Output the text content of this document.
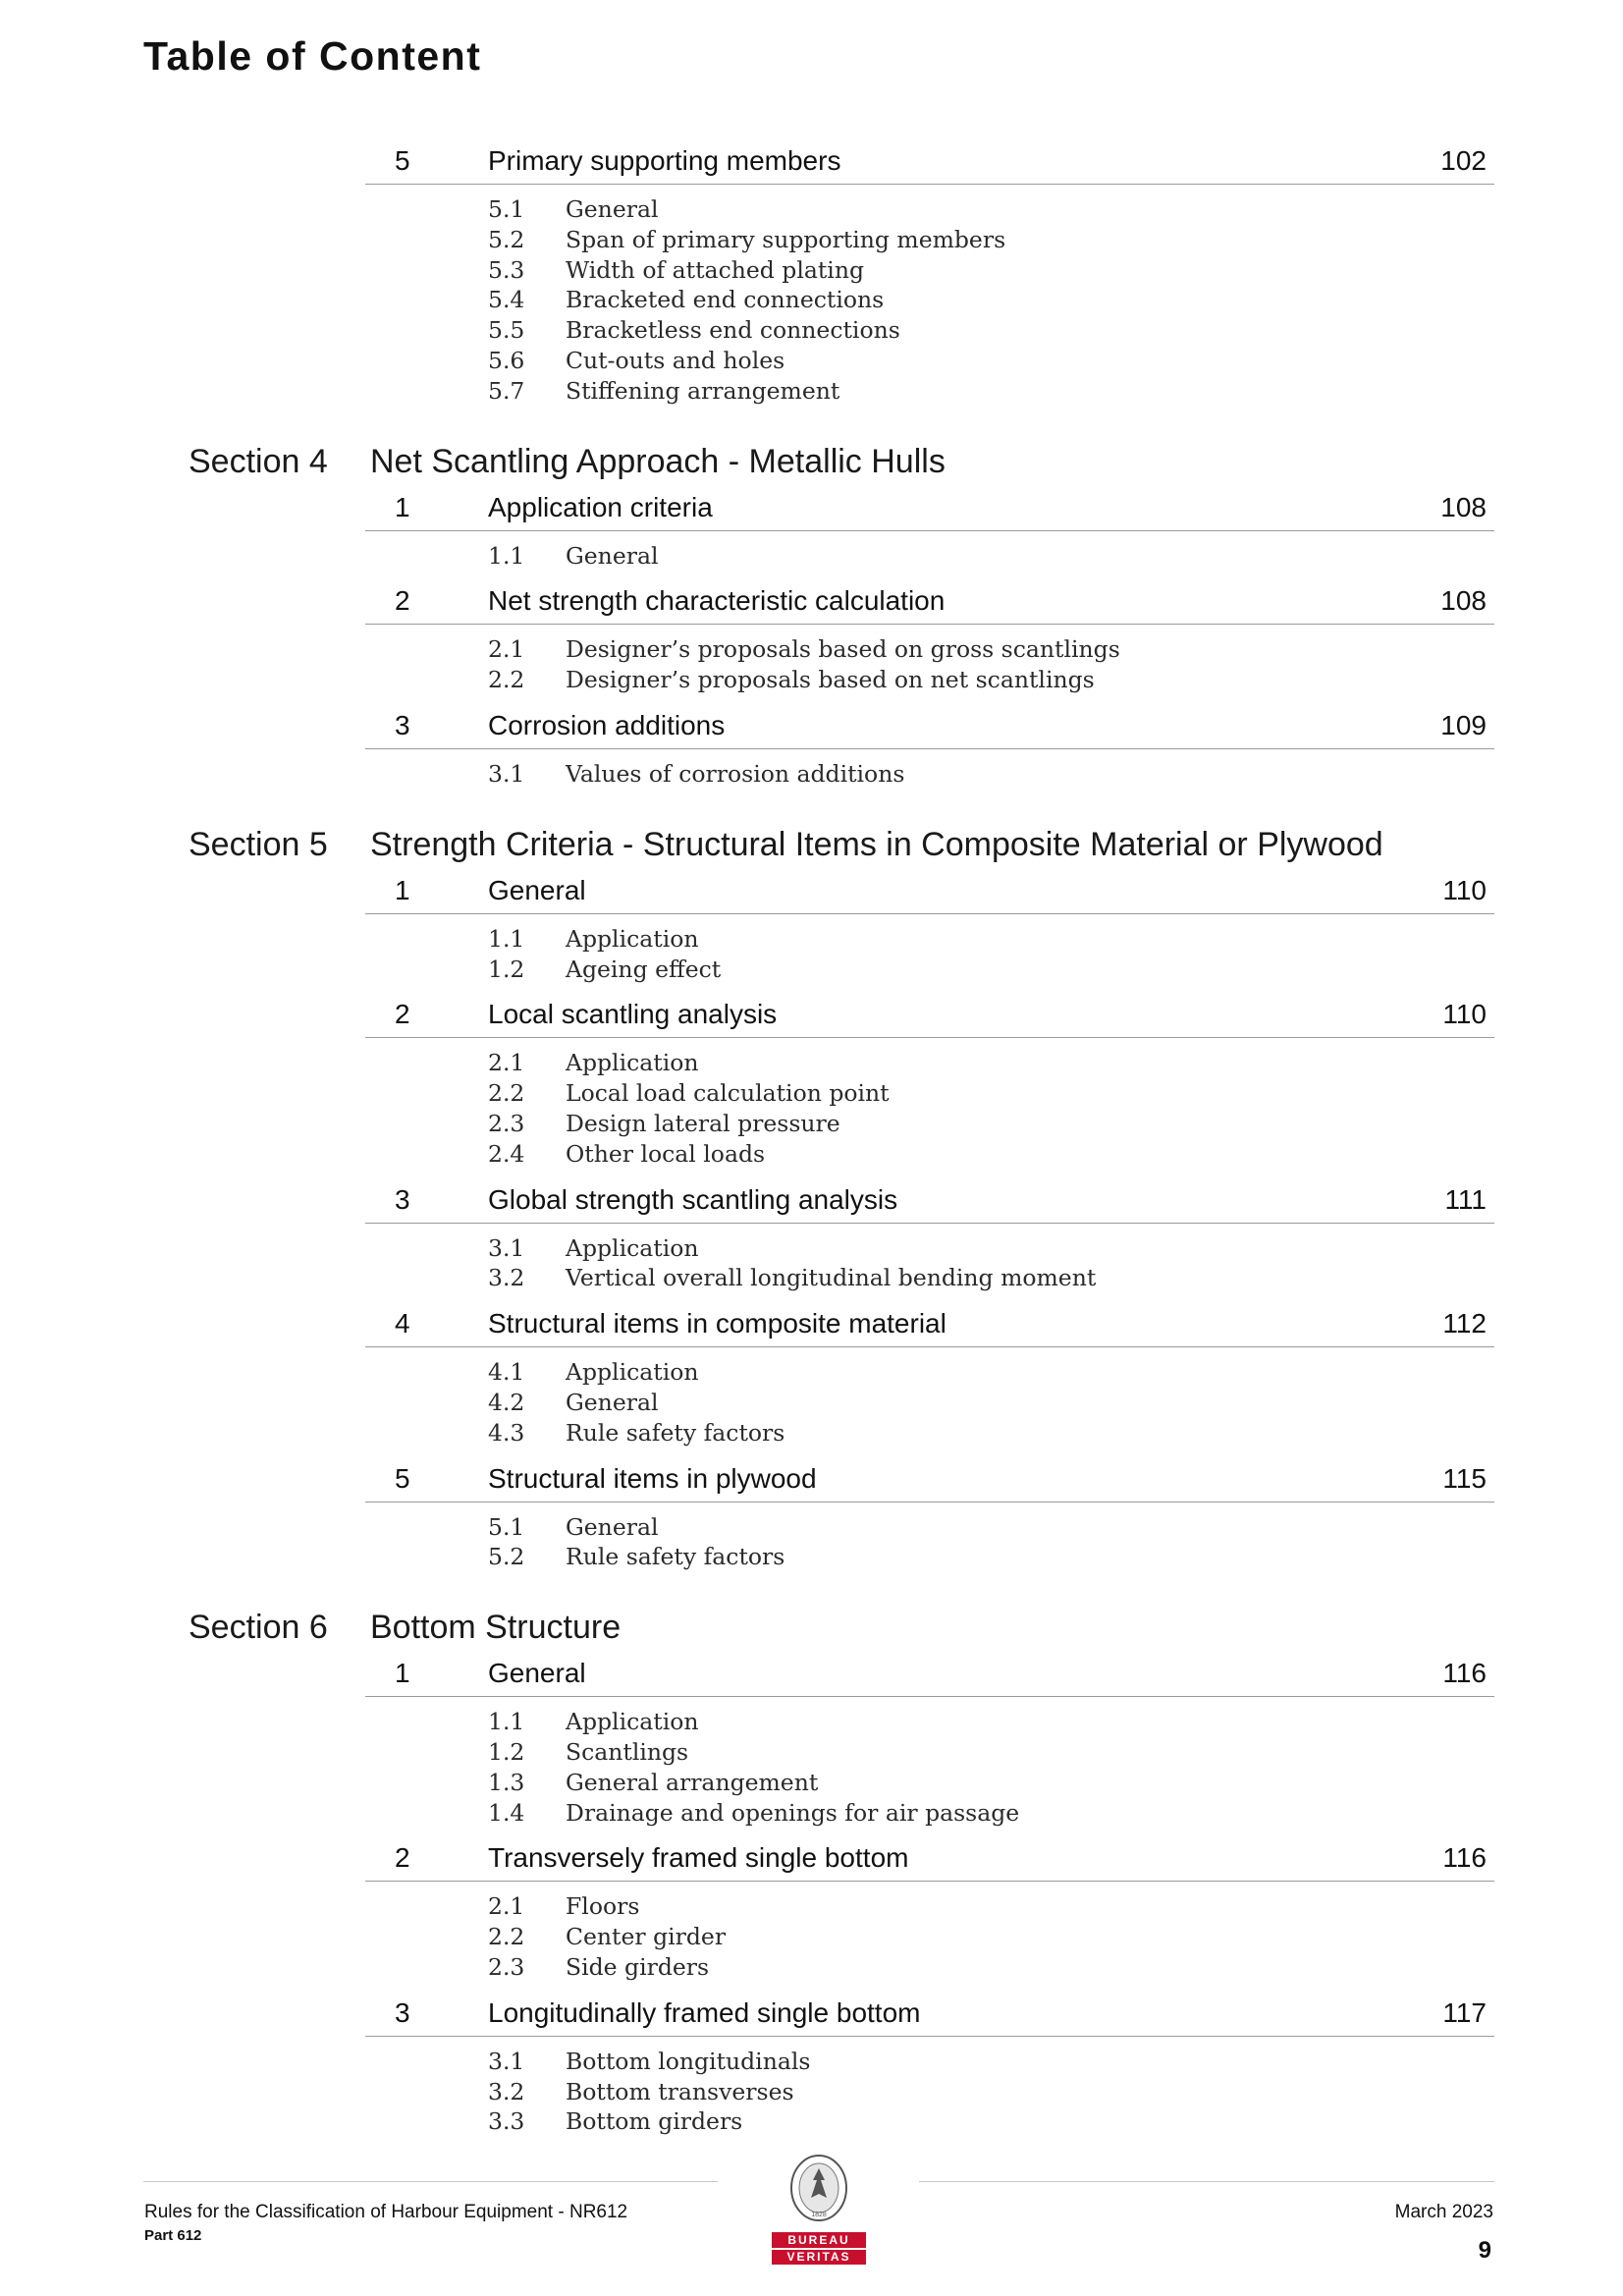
Table of Content
5	Primary supporting members	102
5.1 General
5.2 Span of primary supporting members
5.3 Width of attached plating
5.4 Bracketed end connections
5.5 Bracketless end connections
5.6 Cut-outs and holes
5.7 Stiffening arrangement
Section 4 Net Scantling Approach - Metallic Hulls
1	Application criteria	108
1.1 General
2	Net strength characteristic calculation	108
2.1 Designer’s proposals based on gross scantlings
2.2 Designer’s proposals based on net scantlings
3	Corrosion additions	109
3.1 Values of corrosion additions
Section 5 Strength Criteria - Structural Items in Composite Material or Plywood
1	General	110
1.1 Application
1.2 Ageing effect
2	Local scantling analysis	110
2.1 Application
2.2 Local load calculation point
2.3 Design lateral pressure
2.4 Other local loads
3	Global strength scantling analysis	111
3.1 Application
3.2 Vertical overall longitudinal bending moment
4	Structural items in composite material	112
4.1 Application
4.2 General
4.3 Rule safety factors
5	Structural items in plywood	115
5.1 General
5.2 Rule safety factors
Section 6 Bottom Structure
1	General	116
1.1 Application
1.2 Scantlings
1.3 General arrangement
1.4 Drainage and openings for air passage
2	Transversely framed single bottom	116
2.1 Floors
2.2 Center girder
2.3 Side girders
3	Longitudinally framed single bottom	117
3.1 Bottom longitudinals
3.2 Bottom transverses
3.3 Bottom girders
Rules for the Classification of Harbour Equipment - NR612
Part 612
March 2023
9
1828
BUREAU
VERITAS
